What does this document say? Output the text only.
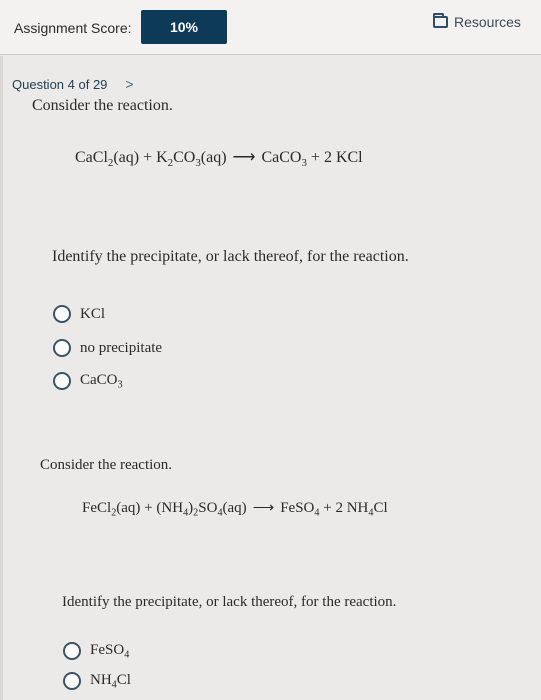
Assignment Score:	10%	Resources
Question 4 of 29 >
Consider the reaction.
CaCl$_2$(aq) + $K_2CO_3(aq)$ ⟶ CaCO$_3$ + 2 KCl
Identify the precipitate, or lack thereof, for the reaction.
KCl
no precipitate
CaCO$_3$
Consider the reaction.
FeCl$_2$(aq) + $(NH_4)_2SO_4(aq)$ ⟶ FeSO$_4$ + 2 $NH_4Cl$
Identify the precipitate, or lack thereof, for the reaction.
FeSO$_4$
$NH_4Cl$
